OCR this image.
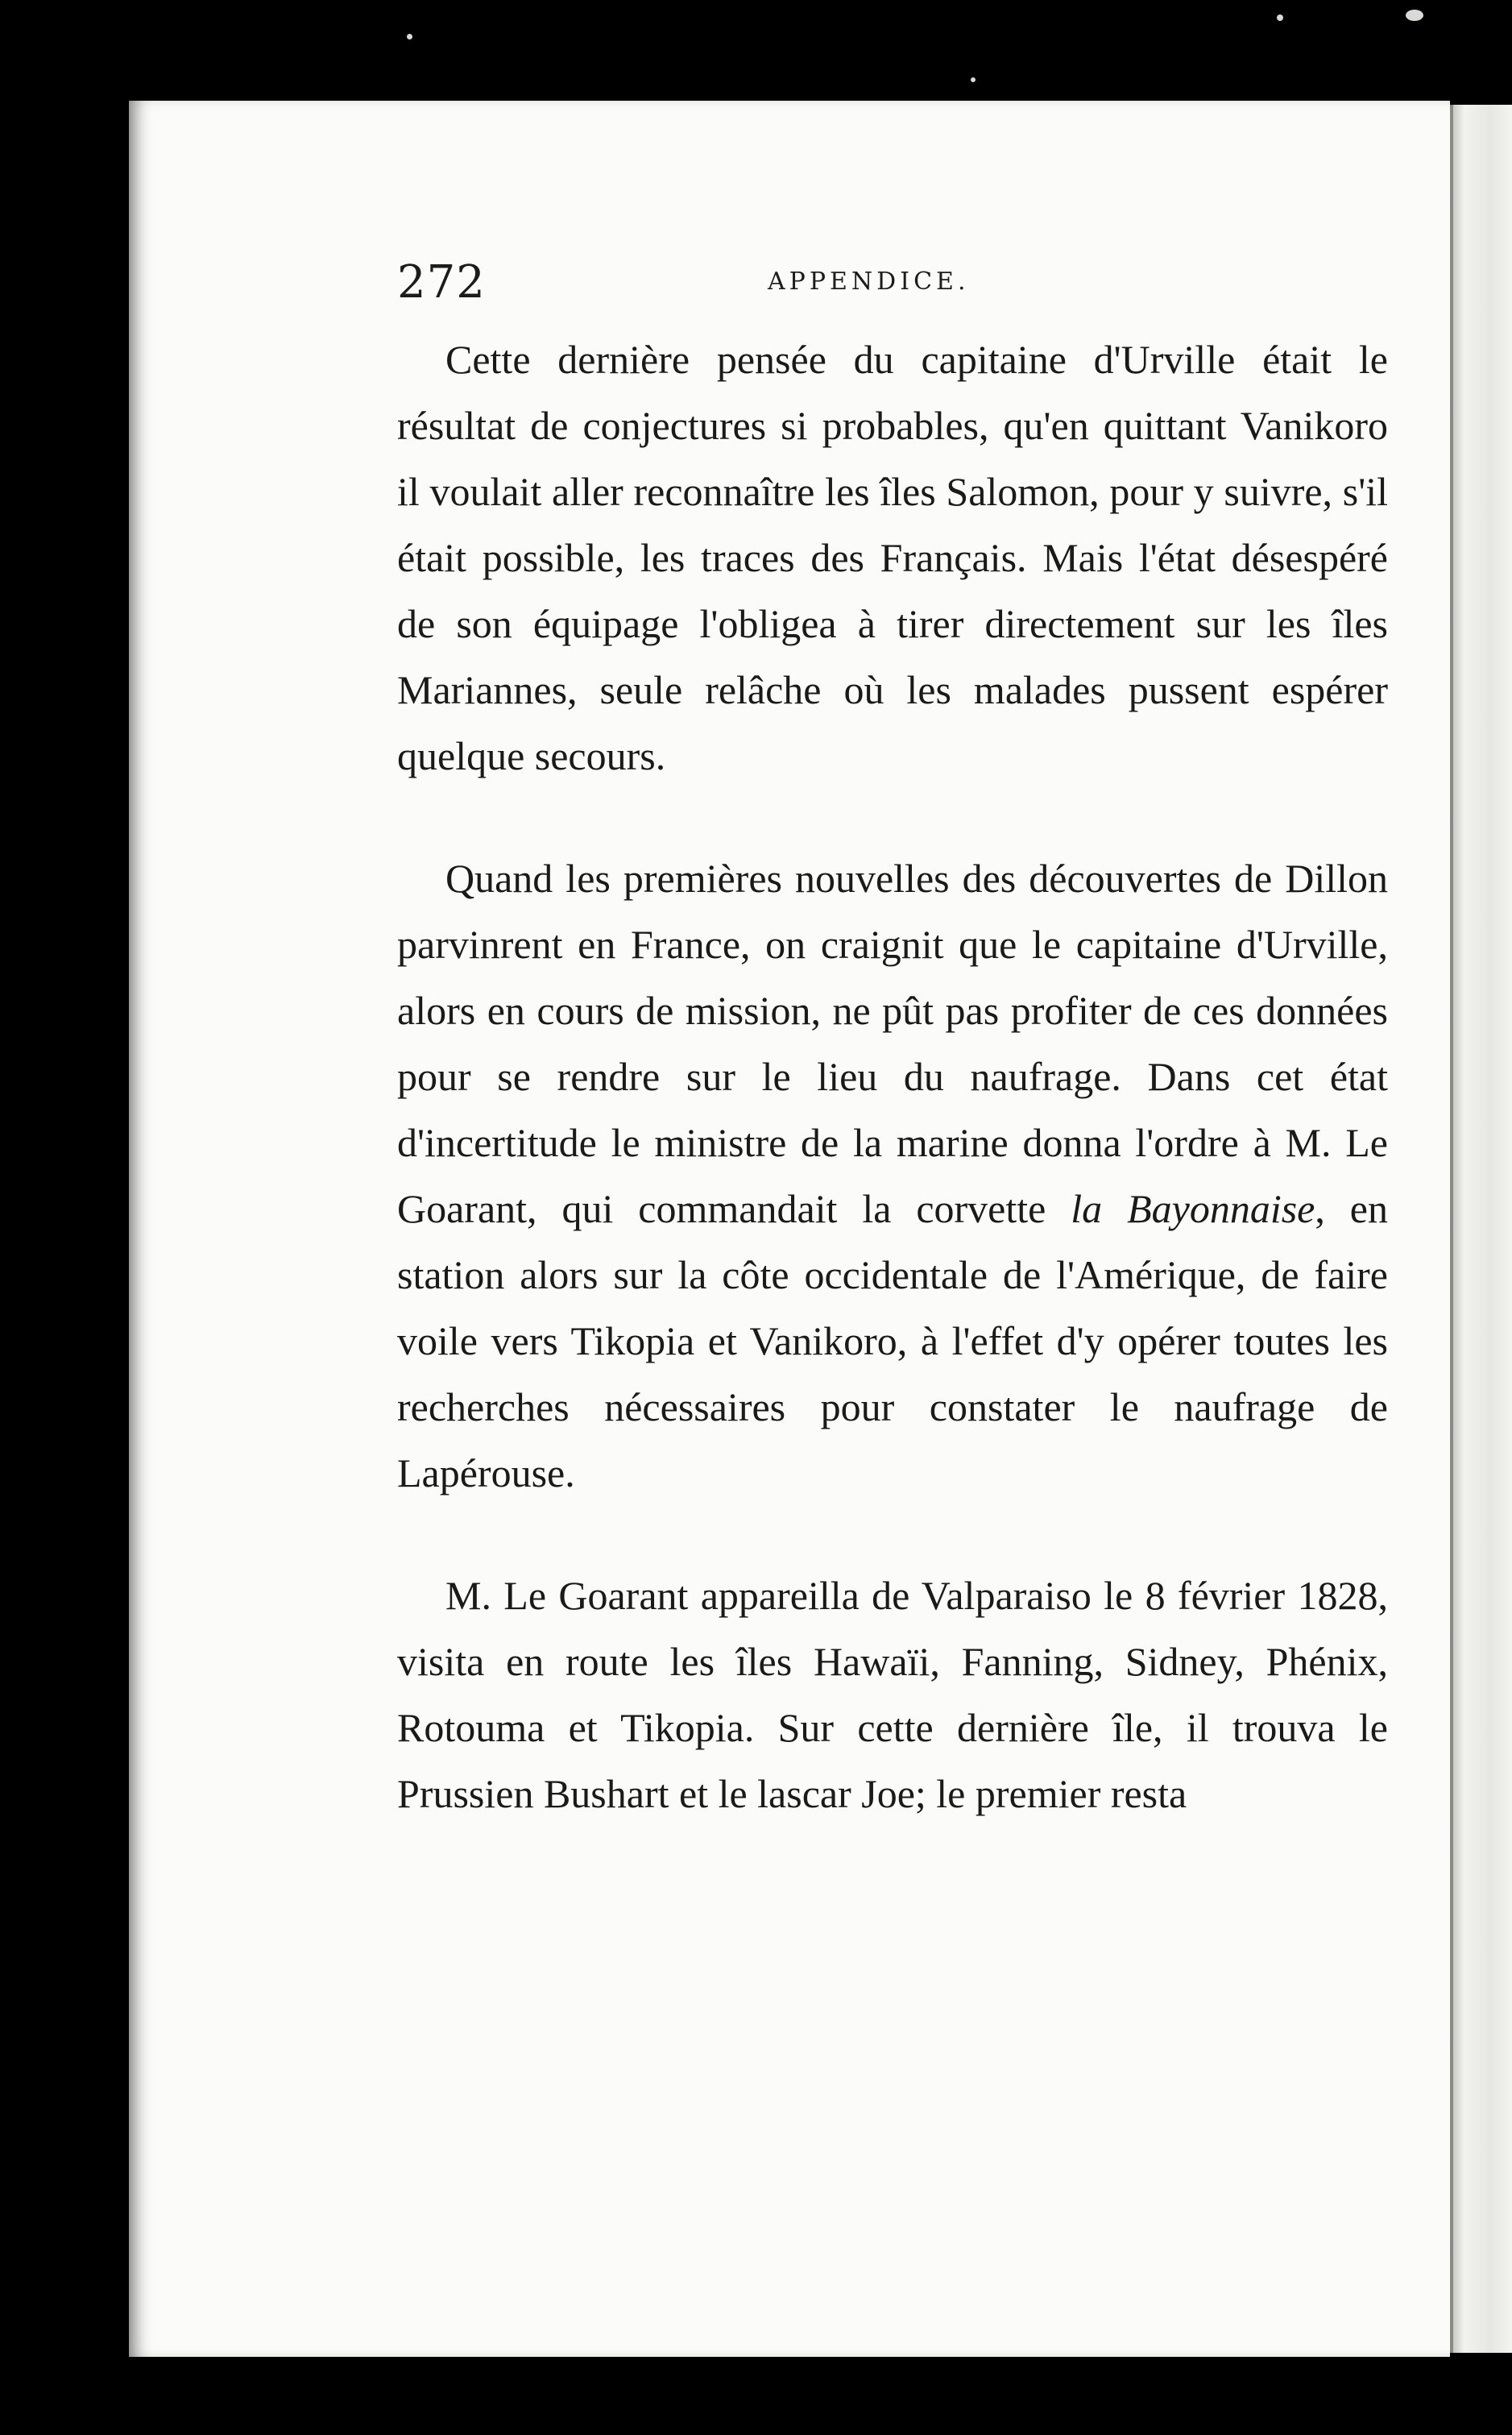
272	APPENDICE.

Cette dernière pensée du capitaine d'Urville était le résultat de conjectures si probables, qu'en quittant Vanikoro il voulait aller reconnaître les îles Salomon, pour y suivre, s'il était possible, les traces des Français. Mais l'état désespéré de son équipage l'obligea à tirer directement sur les îles Mariannes, seule relâche où les malades pussent espérer quelque secours.

Quand les premières nouvelles des découvertes de Dillon parvinrent en France, on craignit que le capitaine d'Urville, alors en cours de mission, ne pût pas profiter de ces données pour se rendre sur le lieu du naufrage. Dans cet état d'incertitude le ministre de la marine donna l'ordre à M. Le Goarant, qui commandait la corvette la Bayonnaise, en station alors sur la côte occidentale de l'Amérique, de faire voile vers Tikopia et Vanikoro, à l'effet d'y opérer toutes les recherches nécessaires pour constater le naufrage de Lapérouse.

M. Le Goarant appareilla de Valparaiso le 8 février 1828, visita en route les îles Hawaïi, Fanning, Sidney, Phénix, Rotouma et Tikopia. Sur cette dernière île, il trouva le Prussien Bushart et le lascar Joe; le premier resta
